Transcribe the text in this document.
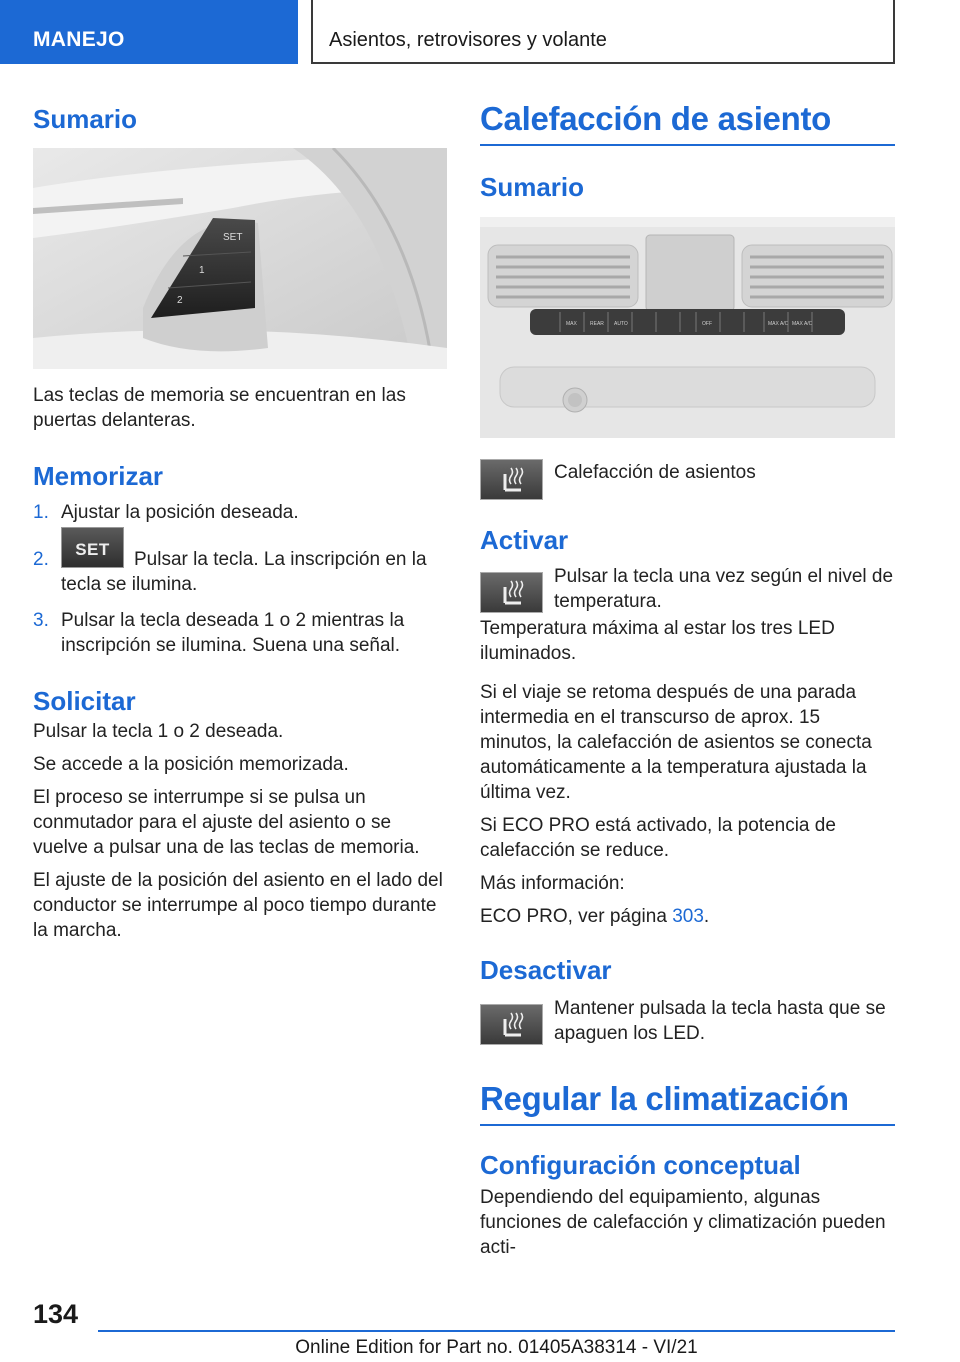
MANEJO	Asientos, retrovisores y volante
Sumario
SET
1
2

Las teclas de memoria se encuentran en las puertas delanteras.

Memorizar
1. Ajustar la posición deseada.
2.	SET	Pulsar la tecla. La inscripción en la tecla se ilumina.
3. Pulsar la tecla deseada 1 o 2 mientras la inscripción se ilumina. Suena una señal.
Solicitar

Pulsar la tecla 1 o 2 deseada.

Se accede a la posición memorizada.

El proceso se interrumpe si se pulsa un conmutador para el ajuste del asiento o se vuelve a pulsar una de las teclas de memoria.

El ajuste de la posición del asiento en el lado del conductor se interrumpe al poco tiempo durante la marcha.

Calefacción de asiento
Sumario
MAX	REAR AUTO	OFF	MAX A/C MAX A/C

Calefacción de asientos

Activar

Pulsar la tecla una vez según el nivel de temperatura.

Temperatura máxima al estar los tres LED iluminados.

Si el viaje se retoma después de una parada intermedia en el transcurso de aprox. 15 minutos, la calefacción de asientos se conecta automáticamente a la temperatura ajustada la última vez.

Si ECO PRO está activado, la potencia de calefacción se reduce.

Más información:

ECO PRO, ver página 303.

Desactivar

Mantener pulsada la tecla hasta que se apaguen los LED.

Regular la climatización
Configuración conceptual

Dependiendo del equipamiento, algunas funciones de calefacción y climatización pueden acti-

134
Online Edition for Part no. 01405A38314 - VI/21
